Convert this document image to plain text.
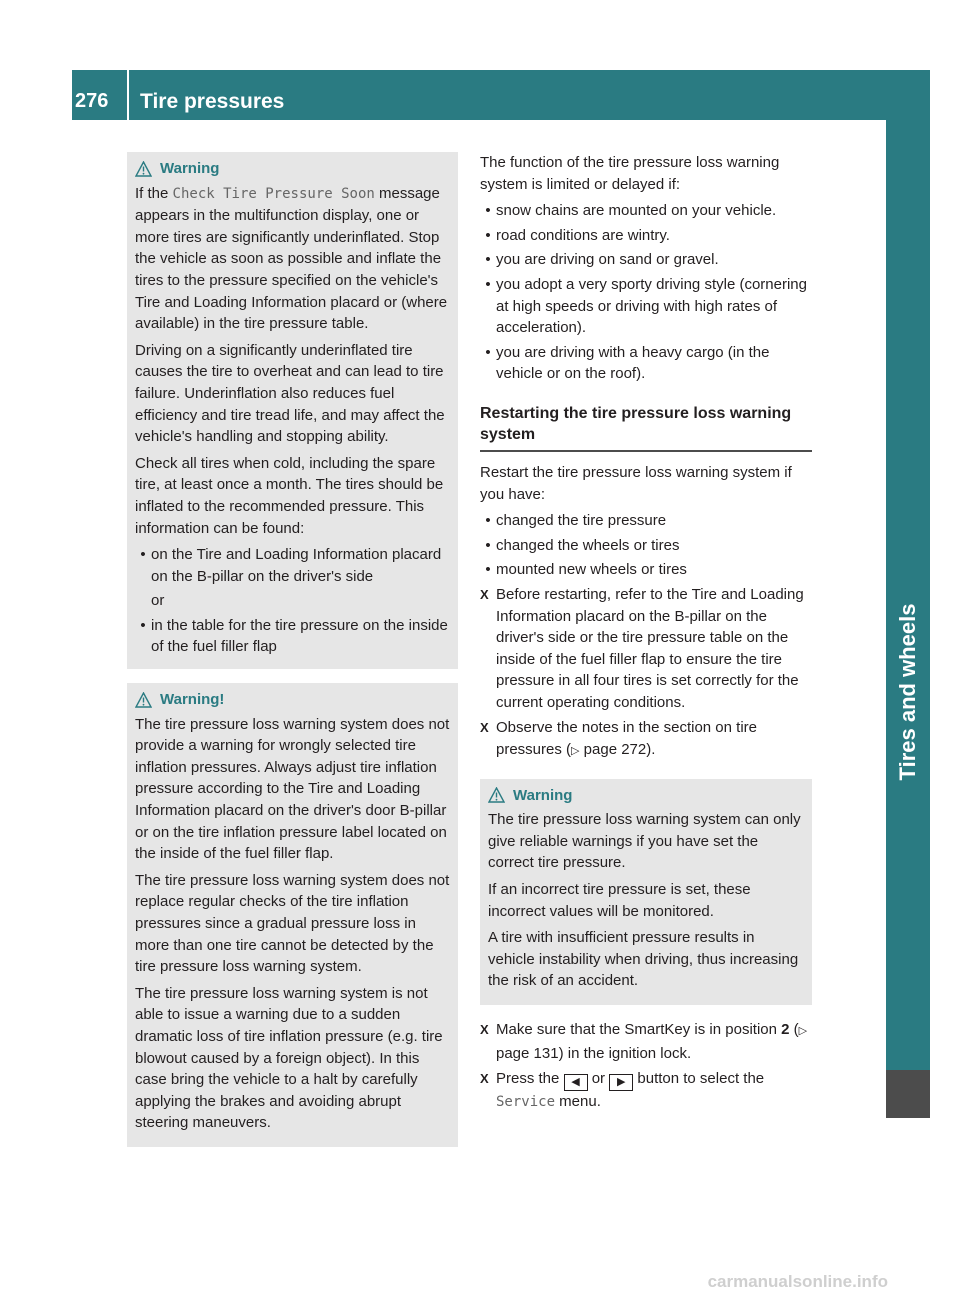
276	Tire pressures
Tires and wheels
Warning

If the Check Tire Pressure Soon message appears in the multifunction display, one or more tires are significantly underinflated. Stop the vehicle as soon as possible and inflate the tires to the pressure specified on the vehicle's Tire and Loading Information placard or (where available) in the tire pressure table.

Driving on a significantly underinflated tire causes the tire to overheat and can lead to tire failure. Underinflation also reduces fuel efficiency and tire tread life, and may affect the vehicle's handling and stopping ability.

Check all tires when cold, including the spare tire, at least once a month. The tires should be inflated to the recommended pressure. This information can be found:

• on the Tire and Loading Information placard on the B-pillar on the driver's side
or
• in the table for the tire pressure on the inside of the fuel filler flap
Warning!

The tire pressure loss warning system does not provide a warning for wrongly selected tire inflation pressures. Always adjust tire inflation pressure according to the Tire and Loading Information placard on the driver's door B-pillar or on the tire inflation pressure label located on the inside of the fuel filler flap.

The tire pressure loss warning system does not replace regular checks of the tire inflation pressures since a gradual pressure loss in more than one tire cannot be detected by the tire pressure loss warning system.

The tire pressure loss warning system is not able to issue a warning due to a sudden dramatic loss of tire inflation pressure (e.g. tire blowout caused by a foreign object). In this case bring the vehicle to a halt by carefully applying the brakes and avoiding abrupt steering maneuvers.

The function of the tire pressure loss warning system is limited or delayed if:

• snow chains are mounted on your vehicle.
• road conditions are wintry.
• you are driving on sand or gravel.
• you adopt a very sporty driving style (cornering at high speeds or driving with high rates of acceleration).
• you are driving with a heavy cargo (in the vehicle or on the roof).
Restarting the tire pressure loss warning system

Restart the tire pressure loss warning system if you have:

• changed the tire pressure
• changed the wheels or tires
• mounted new wheels or tires
X Before restarting, refer to the Tire and Loading Information placard on the B-pillar on the driver's side or the tire pressure table on the inside of the fuel filler flap to ensure the tire pressure in all four tires is set correctly for the current operating conditions.
X Observe the notes in the section on tire pressures (▷ page 272).
Warning

The tire pressure loss warning system can only give reliable warnings if you have set the correct tire pressure.

If an incorrect tire pressure is set, these incorrect values will be monitored.

A tire with insufficient pressure results in vehicle instability when driving, thus increasing the risk of an accident.

X Make sure that the SmartKey is in position 2 (▷ page 131) in the ignition lock.
X Press the ◀ or ▶ button to select the Service menu.
carmanualsonline.info
